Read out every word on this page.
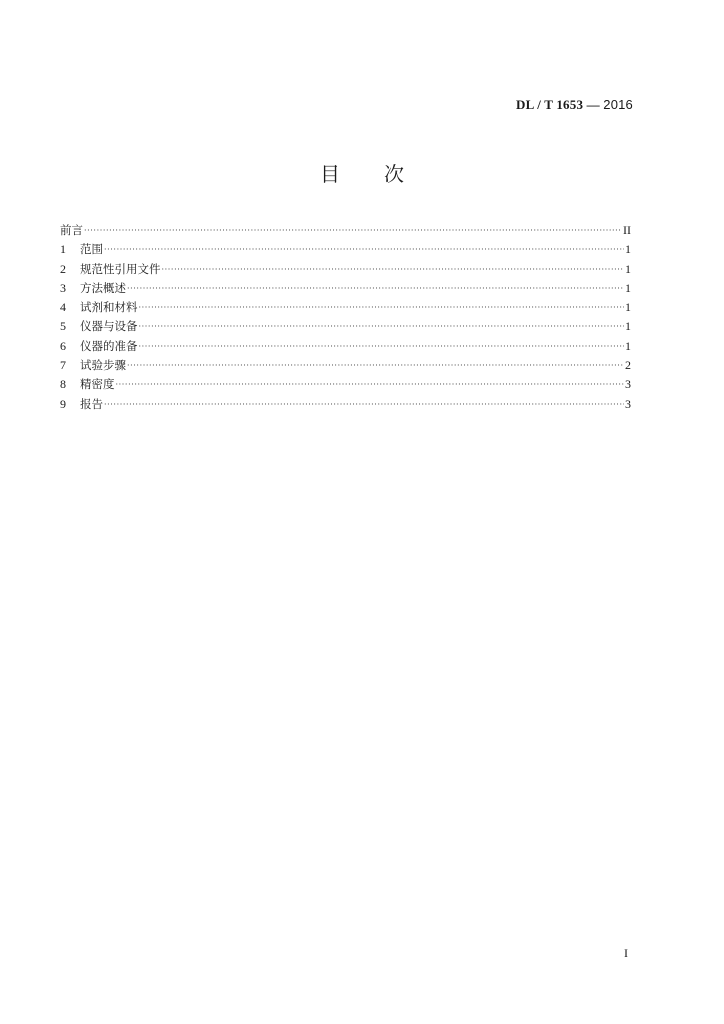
DL / T 1653 — 2016
目 次
前言 ·····	II
1	范围 ·····	1
2	规范性引用文件 ·····	1
3	方法概述 ·····	1
4	试剂和材料 ·····	1
5	仪器与设备 ·····	1
6	仪器的准备 ·····	1
7	试验步骤 ·····	2
8	精密度 ·····	3
9	报告 ·····	3
I
